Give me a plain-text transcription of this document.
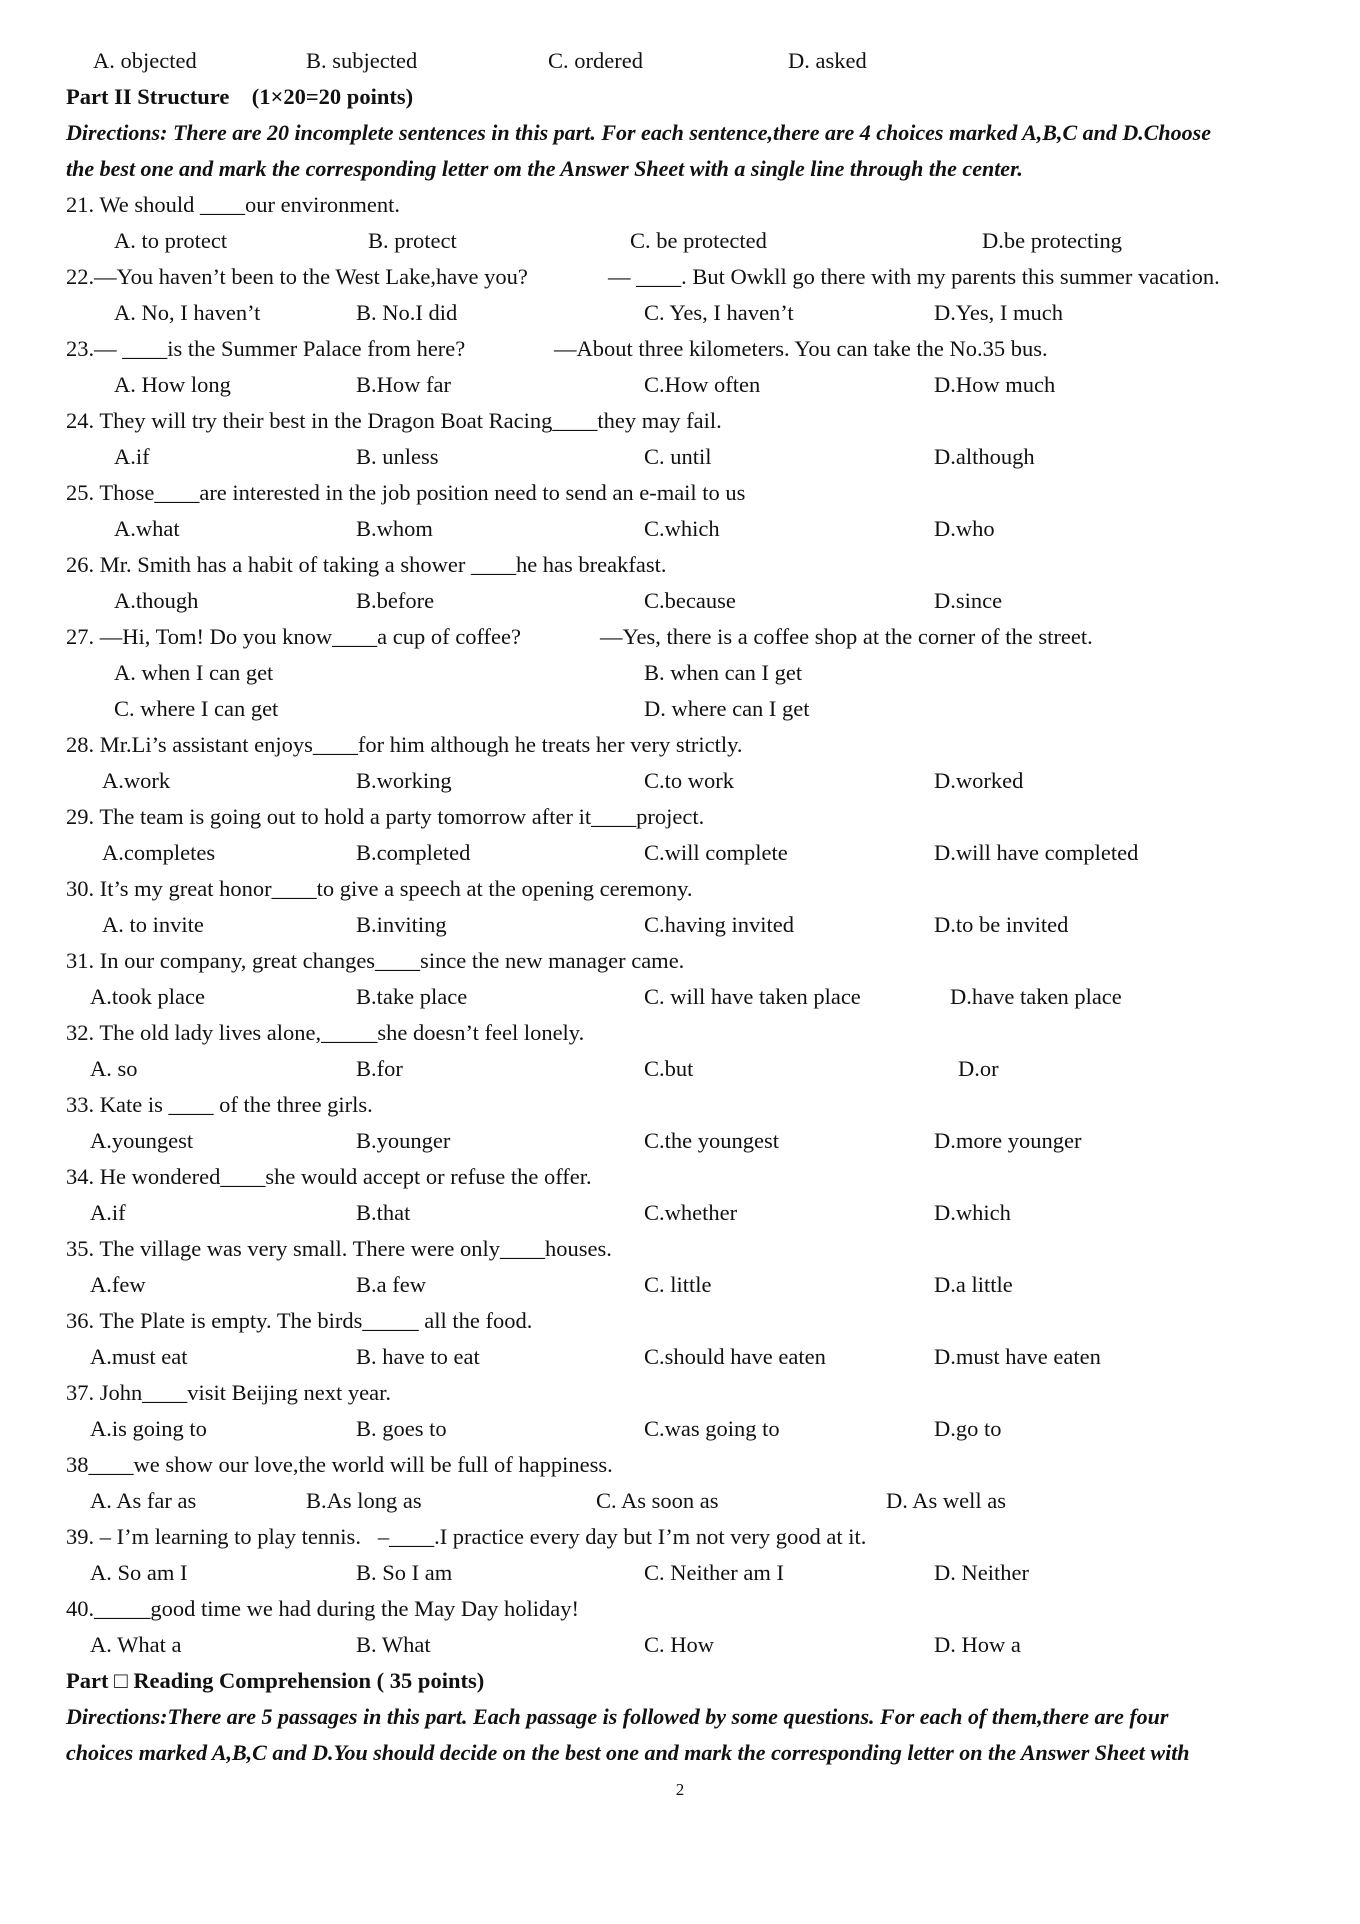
A. objected	B. subjected	C. ordered	D. asked
Part II Structure    (1×20=20 points)
Directions: There are 20 incomplete sentences in this part. For each sentence,there are 4 choices marked A,B,C and D.Choose
the best one and mark the corresponding letter om the Answer Sheet with a single line through the center.
21. We should ____our environment.
A. to protect	B. protect	C. be protected	D.be protecting
22.—You haven’t been to the West Lake,have you?	— ____. But Owkll go there with my parents this summer vacation.
A. No, I haven’t	B. No.I did	C. Yes, I haven’t	D.Yes, I much
23.— ____is the Summer Palace from here?	—About three kilometers. You can take the No.35 bus.
A. How long	B.How far	C.How often	D.How much
24. They will try their best in the Dragon Boat Racing____they may fail.
A.if	B. unless	C. until	D.although
25. Those____are interested in the job position need to send an e-mail to us
A.what	B.whom	C.which	D.who
26. Mr. Smith has a habit of taking a shower ____he has breakfast.
A.though	B.before	C.because	D.since
27. —Hi, Tom! Do you know____a cup of coffee?	—Yes, there is a coffee shop at the corner of the street.
A. when I can get	B. when can I get
C. where I can get	D. where can I get
28. Mr.Li’s assistant enjoys____for him although he treats her very strictly.
A.work	B.working	C.to work	D.worked
29. The team is going out to hold a party tomorrow after it____project.
A.completes	B.completed	C.will complete	D.will have completed
30. It’s my great honor____to give a speech at the opening ceremony.
A. to invite	B.inviting	C.having invited	D.to be invited
31. In our company, great changes____since the new manager came.
A.took place	B.take place	C. will have taken place	D.have taken place
32. The old lady lives alone,_____she doesn’t feel lonely.
A. so	B.for	C.but	D.or
33. Kate is ____ of the three girls.
A.youngest	B.younger	C.the youngest	D.more younger
34. He wondered____she would accept or refuse the offer.
A.if	B.that	C.whether	D.which
35. The village was very small. There were only____houses.
A.few	B.a few	C. little	D.a little
36. The Plate is empty. The birds_____ all the food.
A.must eat	B. have to eat	C.should have eaten	D.must have eaten
37. John____visit Beijing next year.
A.is going to	B. goes to	C.was going to	D.go to
38____we show our love,the world will be full of happiness.
A. As far as	B.As long as	C. As soon as	D. As well as
39. – I’m learning to play tennis.   –____.I practice every day but I’m not very good at it.
A. So am I	B. So I am	C. Neither am I	D. Neither
40._____good time we had during the May Day holiday!
A. What a	B. What	C. How	D. How a
Part □ Reading Comprehension ( 35 points)
Directions:There are 5 passages in this part. Each passage is followed by some questions. For each of them,there are four
choices marked A,B,C and D.You should decide on the best one and mark the corresponding letter on the Answer Sheet with
2
